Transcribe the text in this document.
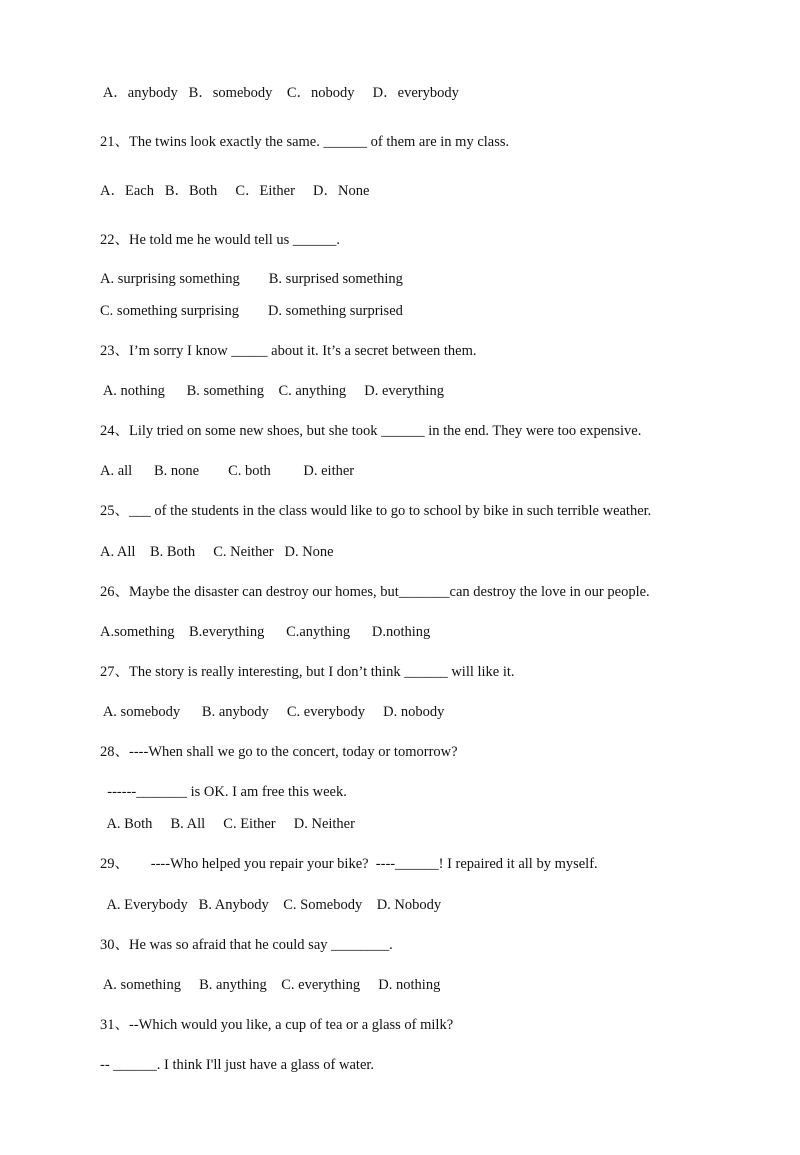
A．anybody   B．somebody    C．nobody     D．everybody
21、The twins look exactly the same. ______ of them are in my class.
A．Each   B．Both     C．Either     D．None
22、He told me he would tell us ______.
A. surprising something        B. surprised something
C. something surprising        D. something surprised
23、I’m sorry I know _____ about it. It’s a secret between them.
A. nothing      B. something    C. anything     D. everything
24、Lily tried on some new shoes, but she took ______ in the end. They were too expensive.
A. all      B. none        C. both         D. either
25、___ of the students in the class would like to go to school by bike in such terrible weather.
A. All    B. Both     C. Neither   D. None
26、Maybe the disaster can destroy our homes, but_______can destroy the love in our people.
A.something    B.everything      C.anything      D.nothing
27、The story is really interesting, but I don’t think ______ will like it.
A. somebody      B. anybody     C. everybody     D. nobody
28、----When shall we go to the concert, today or tomorrow?
------_______ is OK. I am free this week.
A. Both     B. All     C. Either     D. Neither
29、      ----Who helped you repair your bike?  ----______! I repaired it all by myself.
A. Everybody   B. Anybody    C. Somebody    D. Nobody
30、He was so afraid that he could say ________.
A. something     B. anything    C. everything     D. nothing
31、--Which would you like, a cup of tea or a glass of milk?
-- ______. I think I'll just have a glass of water.
